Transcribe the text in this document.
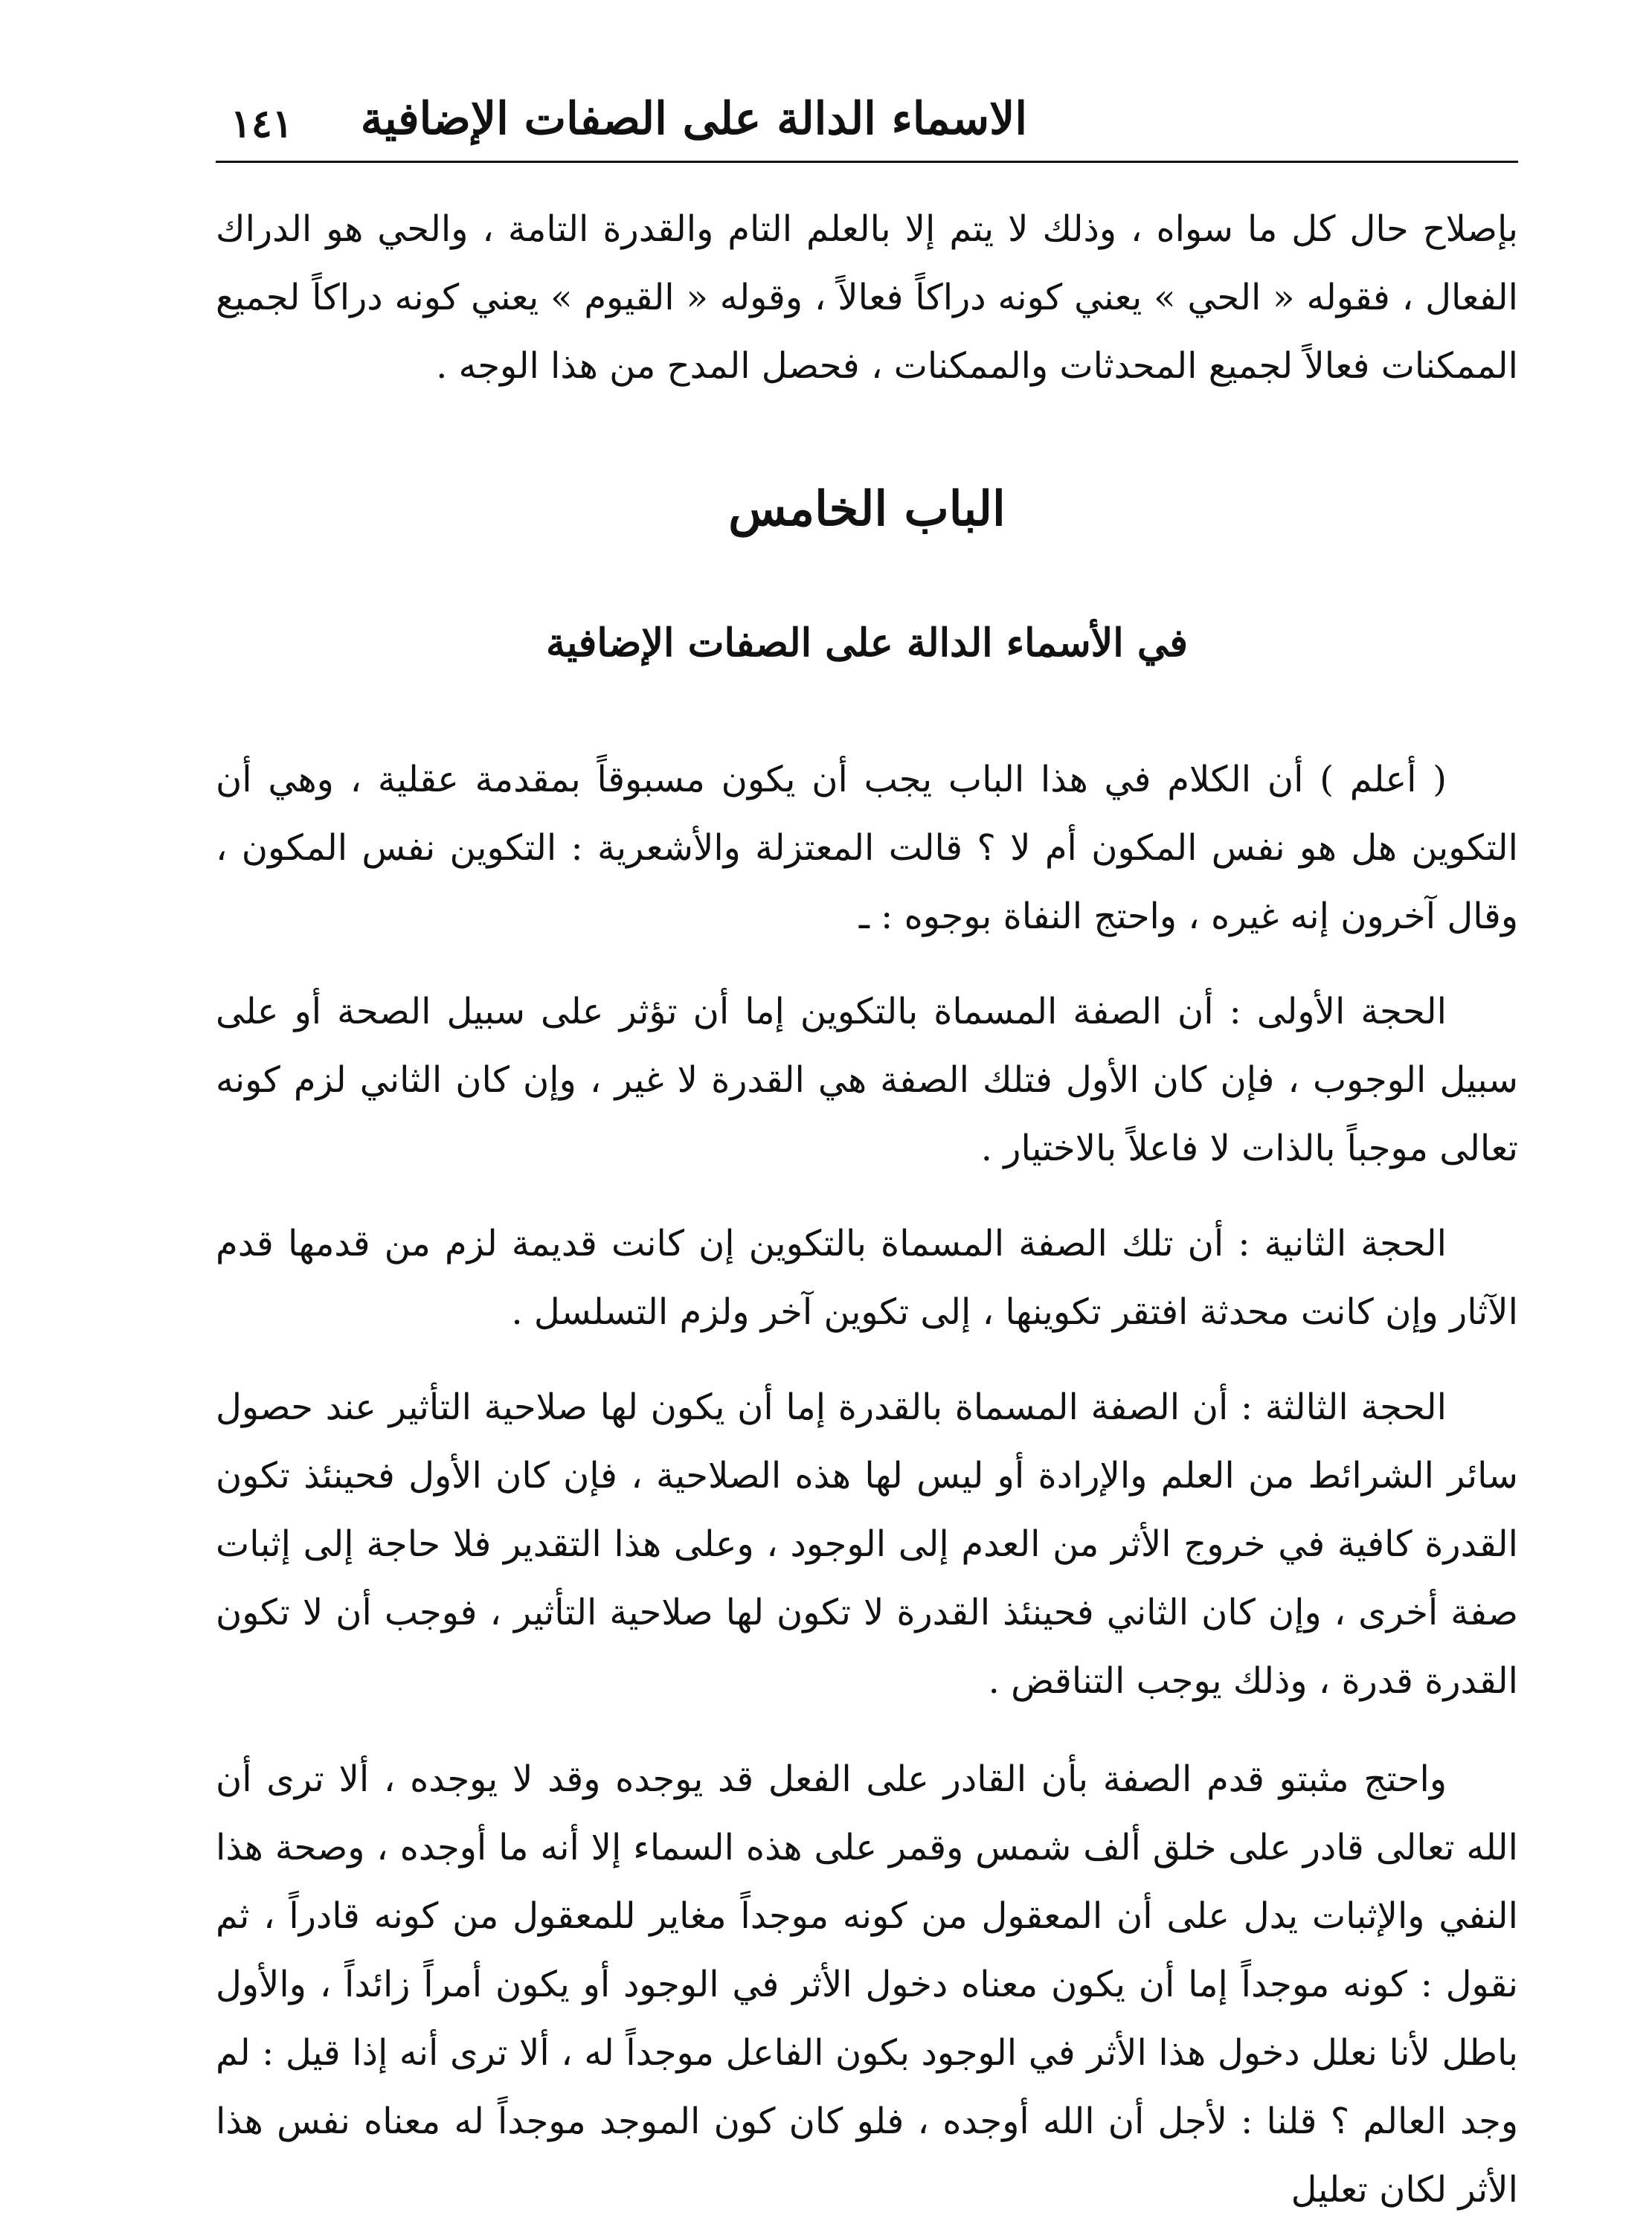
الاسماء الدالة على الصفات الإضافية
١٤١

بإصلاح حال كل ما سواه ، وذلك لا يتم إلا بالعلم التام والقدرة التامة ، والحي هو الدراك الفعال ، فقوله « الحي » يعني كونه دراكاً فعالاً ، وقوله « القيوم » يعني كونه دراكاً لجميع الممكنات فعالاً لجميع المحدثات والممكنات ، فحصل المدح من هذا الوجه .

الباب الخامس
في الأسماء الدالة على الصفات الإضافية

( أعلم ) أن الكلام في هذا الباب يجب أن يكون مسبوقاً بمقدمة عقلية ، وهي أن التكوين هل هو نفس المكون أم لا ؟ قالت المعتزلة والأشعرية : التكوين نفس المكون ، وقال آخرون إنه غيره ، واحتج النفاة بوجوه : ـ

الحجة الأولى : أن الصفة المسماة بالتكوين إما أن تؤثر على سبيل الصحة أو على سبيل الوجوب ، فإن كان الأول فتلك الصفة هي القدرة لا غير ، وإن كان الثاني لزم كونه تعالى موجباً بالذات لا فاعلاً بالاختيار .

الحجة الثانية : أن تلك الصفة المسماة بالتكوين إن كانت قديمة لزم من قدمها قدم الآثار وإن كانت محدثة افتقر تكوينها ، إلى تكوين آخر ولزم التسلسل .

الحجة الثالثة : أن الصفة المسماة بالقدرة إما أن يكون لها صلاحية التأثير عند حصول سائر الشرائط من العلم والإرادة أو ليس لها هذه الصلاحية ، فإن كان الأول فحينئذ تكون القدرة كافية في خروج الأثر من العدم إلى الوجود ، وعلى هذا التقدير فلا حاجة إلى إثبات صفة أخرى ، وإن كان الثاني فحينئذ القدرة لا تكون لها صلاحية التأثير ، فوجب أن لا تكون القدرة قدرة ، وذلك يوجب التناقض .

واحتج مثبتو قدم الصفة بأن القادر على الفعل قد يوجده وقد لا يوجده ، ألا ترى أن الله تعالى قادر على خلق ألف شمس وقمر على هذه السماء إلا أنه ما أوجده ، وصحة هذا النفي والإثبات يدل على أن المعقول من كونه موجداً مغاير للمعقول من كونه قادراً ، ثم نقول : كونه موجداً إما أن يكون معناه دخول الأثر في الوجود أو يكون أمراً زائداً ، والأول باطل لأنا نعلل دخول هذا الأثر في الوجود بكون الفاعل موجداً له ، ألا ترى أنه إذا قيل : لم وجد العالم ؟ قلنا : لأجل أن الله أوجده ، فلو كان كون الموجد موجداً له معناه نفس هذا الأثر لكان تعليل
